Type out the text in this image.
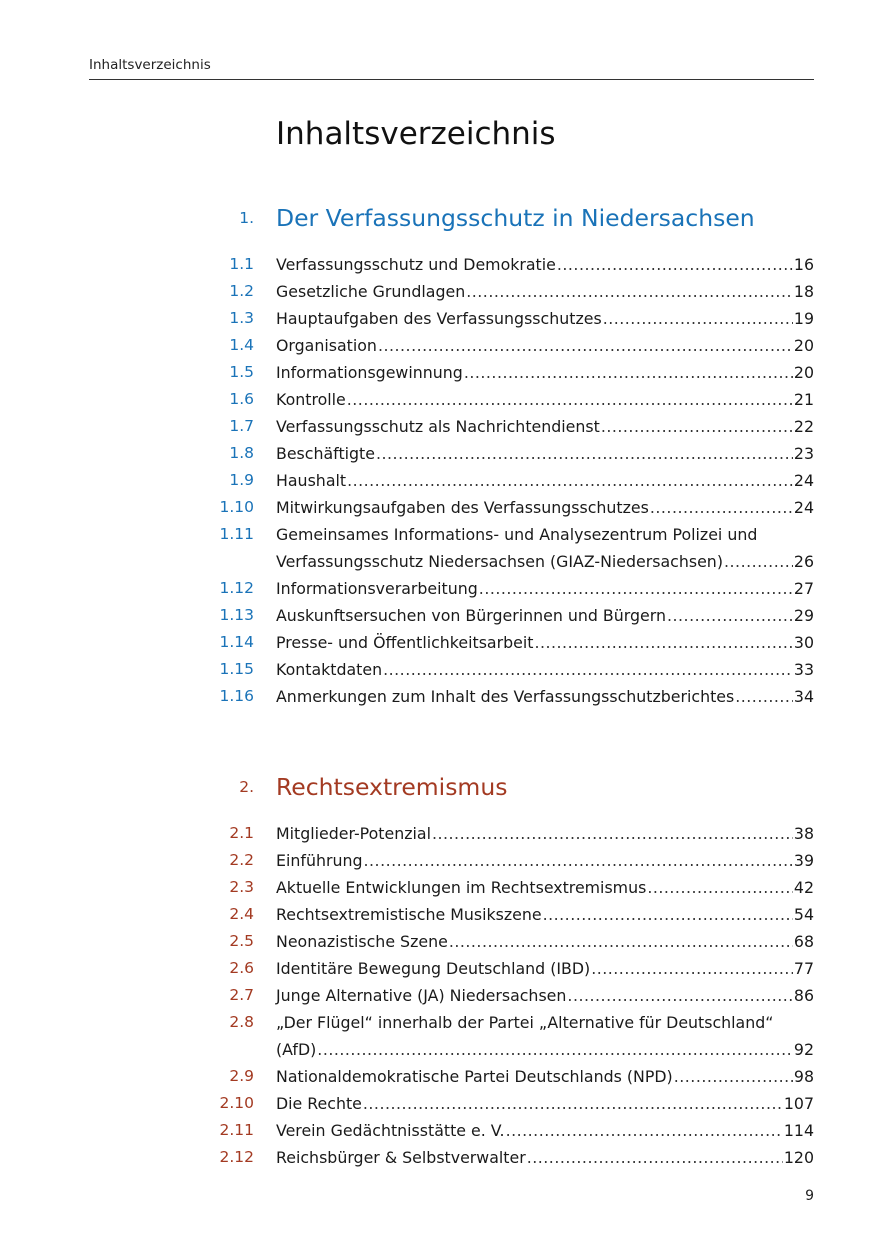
Inhaltsverzeichnis
Inhaltsverzeichnis
1. Der Verfassungsschutz in Niedersachsen
1.1 Verfassungsschutz und Demokratie .....	16
1.2 Gesetzliche Grundlagen .....	18
1.3 Hauptaufgaben des Verfassungsschutzes .....	19
1.4 Organisation .....	20
1.5 Informationsgewinnung .....	20
1.6 Kontrolle .....	21
1.7 Verfassungsschutz als Nachrichtendienst .....	22
1.8 Beschäftigte .....	23
1.9 Haushalt .....	24
1.10 Mitwirkungsaufgaben des Verfassungsschutzes .....	24
1.11 Gemeinsames Informations- und Analysezentrum Polizei und
Verfassungsschutz Niedersachsen (GIAZ-Niedersachsen) .....	26
1.12 Informationsverarbeitung .....	27
1.13 Auskunftsersuchen von Bürgerinnen und Bürgern .....	29
1.14 Presse- und Öffentlichkeitsarbeit .....	30
1.15 Kontaktdaten .....	33
1.16 Anmerkungen zum Inhalt des Verfassungsschutzberichtes .....	34
2. Rechtsextremismus
2.1 Mitglieder-Potenzial .....	38
2.2 Einführung .....	39
2.3 Aktuelle Entwicklungen im Rechtsextremismus .....	42
2.4 Rechtsextremistische Musikszene .....	54
2.5 Neonazistische Szene .....	68
2.6 Identitäre Bewegung Deutschland (IBD) .....	77
2.7 Junge Alternative (JA) Niedersachsen .....	86
2.8 „Der Flügel“ innerhalb der Partei „Alternative für Deutschland“
(AfD) .....	92
2.9 Nationaldemokratische Partei Deutschlands (NPD) .....	98
2.10 Die Rechte .....	107
2.11 Verein Gedächtnisstätte e. V. .....	114
2.12 Reichsbürger & Selbstverwalter .....	120
9
